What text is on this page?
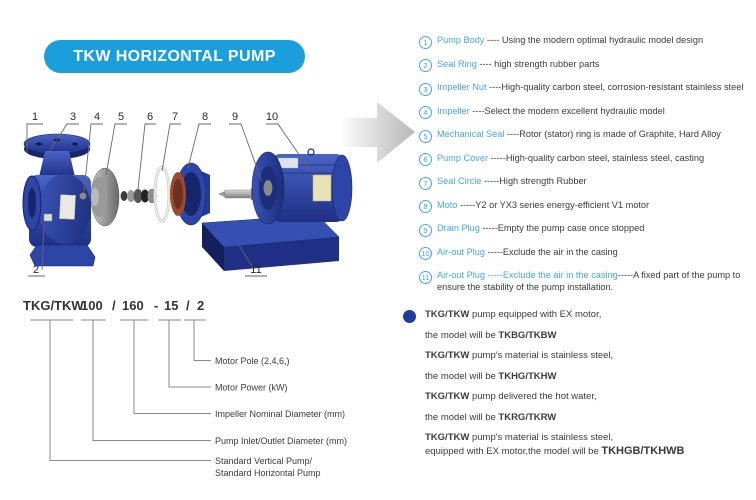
TKW HORIZONTAL PUMP
1	3 4 5 6 7 8 9	10
2	11
1	Pump Body ---- Using the modern optimal hydraulic model design
2	Seal Ring ---- high strength rubber parts
3	Impeller Nut ----High-quality carbon steel, corrosion-resistant stainless steel
4	Impeller ----Select the modern excellent hydraulic model
5	Mechanical Seal ----Rotor (stator) ring is made of Graphite, Hard Alloy
6	Pump Cover -----High-quality carbon steel, stainless steel, casting
7	Seal Circle -----High strength Rubber
8	Moto -----Y2 or YX3 series energy-efficient V1 motor
9	Drain Plug -----Empty the pump case once stopped
10 Air-out Plug -----Exclude the air in the casing
11 Air-out Plug -----Exclude the air in the casing-----A fixed part of the pump to ensure the stability of the pump installation.
TKG/TKW
100 / 160 - 15 / 2
Motor Pole (2,4,6,)
Motor Power (kW)
Impeller Nominal Diameter (mm)
Pump Inlet/Outlet Diameter (mm)
Standard Vertical Pump/
Standard Horizontal Pump
TKG/TKW pump equipped with EX motor,
the model will be TKBG/TKBW
TKG/TKW pump's material is stainless steel,
the model will be TKHG/TKHW
TKG/TKW pump delivered the hot water,
the model will be TKRG/TKRW
TKG/TKW pump's material is stainless steel,
equipped with EX motor,the model will be TKHGB/TKHWB
